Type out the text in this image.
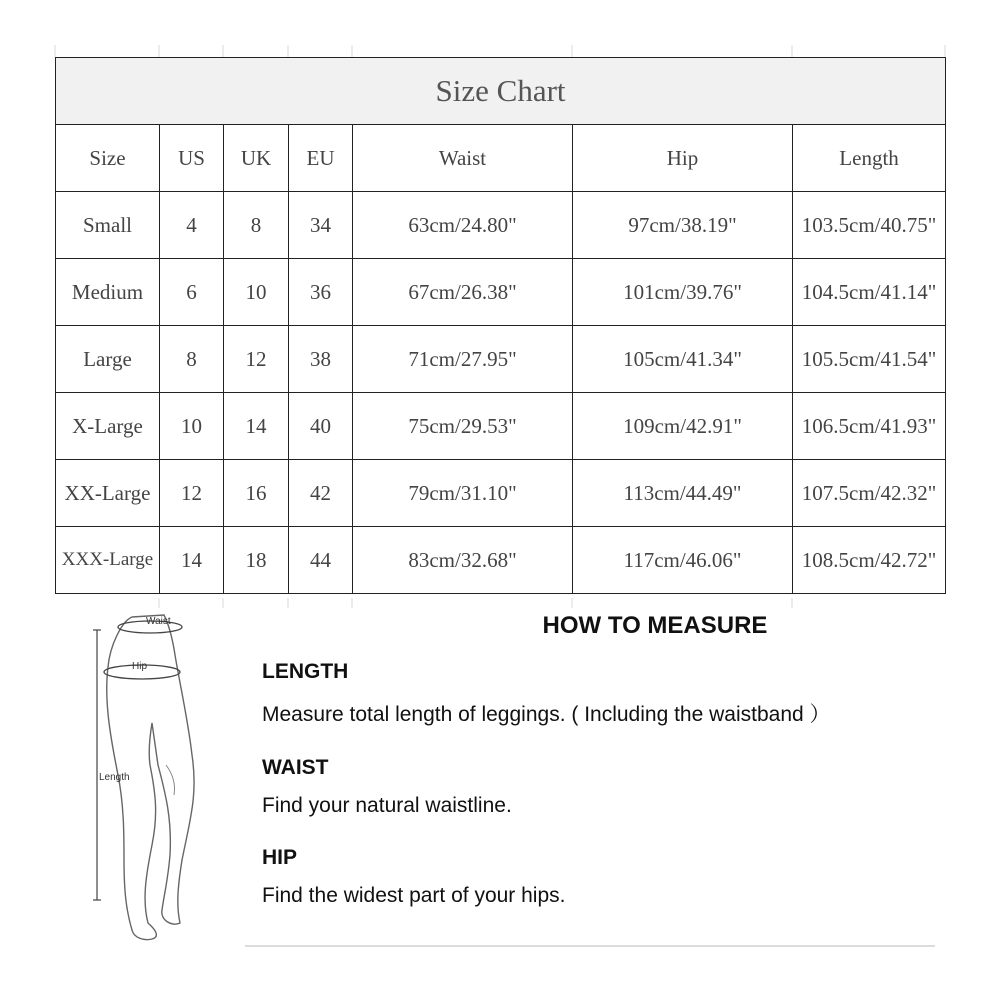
Size Chart						
Size	US	UK	EU	Waist	Hip	Length
Small	4	8	34	63cm/24.80"	97cm/38.19"	103.5cm/40.75"
Medium	6	10	36	67cm/26.38"	101cm/39.76"	104.5cm/41.14"
Large	8	12	38	71cm/27.95"	105cm/41.34"	105.5cm/41.54"
X-Large	10	14	40	75cm/29.53"	109cm/42.91"	106.5cm/41.93"
XX-Large	12	16	42	79cm/31.10"	113cm/44.49"	107.5cm/42.32"
XXX-Large	14	18	44	83cm/32.68"	117cm/46.06"	108.5cm/42.72"
Waist
Hip
Length
HOW TO MEASURE
LENGTH
Measure total length of leggings. ( Including the waistband ）
WAIST
Find your natural waistline.
HIP
Find the widest part of your hips.
